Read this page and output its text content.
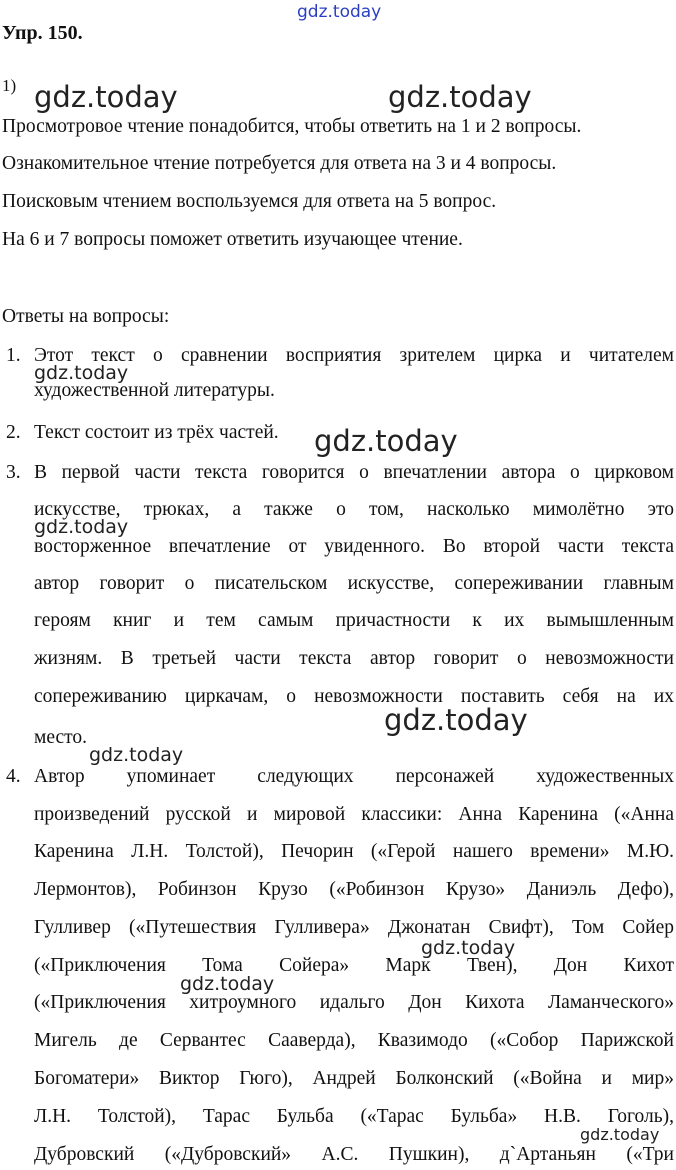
gdz.today
Упр. 150.
1) gdz.today	gdz.today
Просмотровое чтение понадобится, чтобы ответить на 1 и 2 вопросы.
Ознакомительное чтение потребуется для ответа на 3 и 4 вопросы.
Поисковым чтением воспользуемся для ответа на 5 вопрос.
На 6 и 7 вопросы поможет ответить изучающее чтение.
Ответы на вопросы:
1. Этот текст о сравнении восприятия зрителем цирка и читателем
gdz.today
художественной литературы.
2. Текст состоит из трёх частей.	gdz.today
3. В первой части текста говорится о впечатлении автора о цирковом
искусстве, трюках, а также о том, насколько мимолётно это
gdz.today
восторженное впечатление от увиденного. Во второй части текста
автор говорит о писательском искусстве, сопереживании главным
героям книг и тем самым причастности к их вымышленным
жизням. В третьей части текста автор говорит о невозможности
сопереживанию циркачам, о невозможности поставить себя на их
gdz.today
место.
gdz.today
4. Автор упоминает следующих персонажей художественных
произведений русской и мировой классики: Анна Каренина («Анна
Каренина Л.Н. Толстой), Печорин («Герой нашего времени» М.Ю.
Лермонтов), Робинзон Крузо («Робинзон Крузо» Даниэль Дефо),
Гулливер («Путешествия Гулливера» Джонатан Свифт), Том Сойер
gdz.today
(«Приключения Тома Сойера» Марк Твен), Дон Кихот
gdz.today
(«Приключения хитроумного идальго Дон Кихота Ламанческого»
Мигель де Сервантес Сааверда), Квазимодо («Собор Парижской
Богоматери» Виктор Гюго), Андрей Болконский («Война и мир»
Л.Н. Толстой), Тарас Бульба («Тарас Бульба» Н.В. Гоголь),
gdz.today
Дубровский («Дубровский» А.С. Пушкин), д`Артаньян («Три
